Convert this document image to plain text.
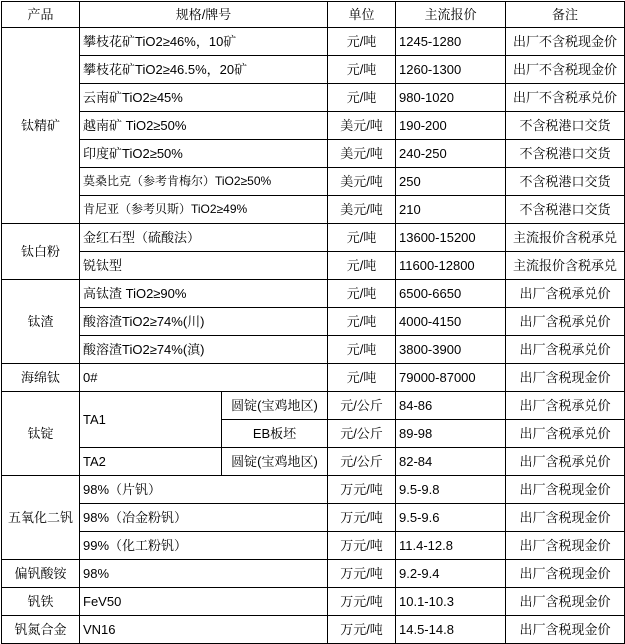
产品	规格/牌号		单位	主流报价	备注
钛精矿	攀枝花矿TiO2≥46%，10矿		元/吨	1245-1280	出厂不含税现金价
	攀枝花矿TiO2≥46.5%，20矿		元/吨	1260-1300	出厂不含税现金价
	云南矿TiO2≥45%		元/吨	980-1020	出厂不含税承兑价
	越南矿 TiO2≥50%		美元/吨	190-200	不含税港口交货
	印度矿TiO2≥50%		美元/吨	240-250	不含税港口交货
	莫桑比克（参考肯梅尔）TiO2≥50%		美元/吨	250	不含税港口交货
	肯尼亚（参考贝斯）TiO2≥49%		美元/吨	210	不含税港口交货
钛白粉	金红石型（硫酸法）		元/吨	13600-15200	主流报价含税承兑
	锐钛型		元/吨	11600-12800	主流报价含税承兑
钛渣	高钛渣 TiO2≥90%		元/吨	6500-6650	出厂含税承兑价
	酸溶渣TiO2≥74%(川)		元/吨	4000-4150	出厂含税承兑价
	酸溶渣TiO2≥74%(滇)		元/吨	3800-3900	出厂含税承兑价
海绵钛	0#		元/吨	79000-87000	出厂含税现金价
钛锭	TA1	圆锭(宝鸡地区)	元/公斤	84-86	出厂含税承兑价
		EB板坯	元/公斤	89-98	出厂含税承兑价
	TA2	圆锭(宝鸡地区)	元/公斤	82-84	出厂含税承兑价
五氧化二钒	98%（片钒）		万元/吨	9.5-9.8	出厂含税现金价
	98%（冶金粉钒）		万元/吨	9.5-9.6	出厂含税现金价
	99%（化工粉钒）		万元/吨	11.4-12.8	出厂含税现金价
偏钒酸铵	98%		万元/吨	9.2-9.4	出厂含税现金价
钒铁	FeV50		万元/吨	10.1-10.3	出厂含税现金价
钒氮合金	VN16		万元/吨	14.5-14.8	出厂含税现金价
